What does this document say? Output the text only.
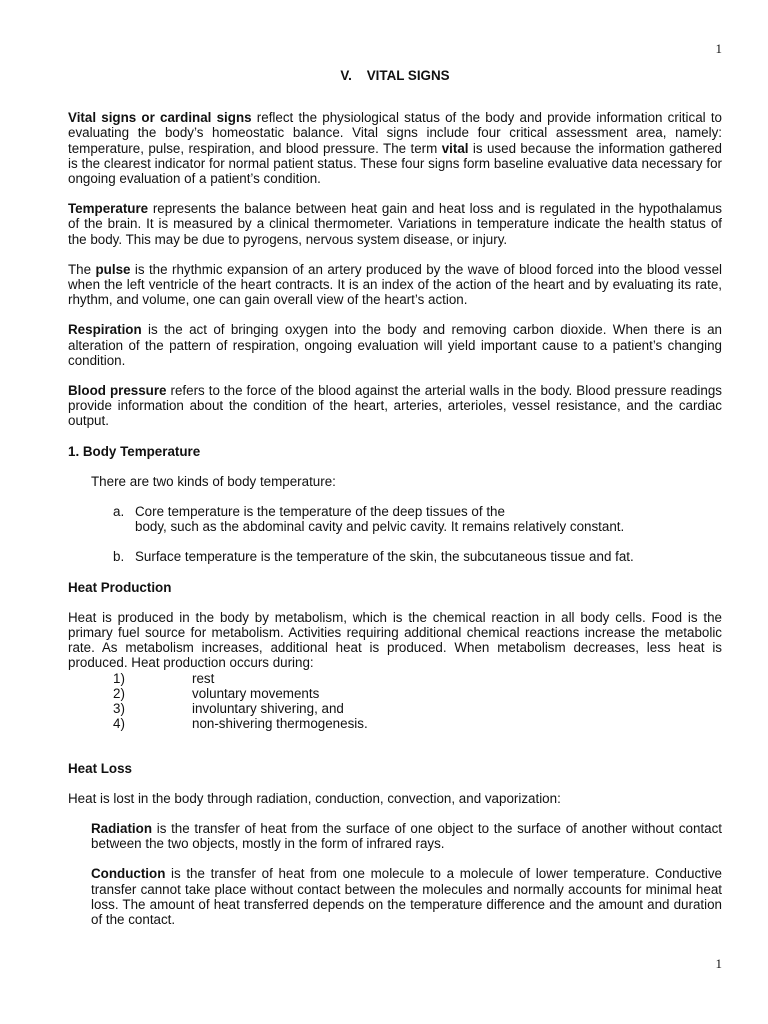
1
V. VITAL SIGNS

Vital signs or cardinal signs reflect the physiological status of the body and provide information critical to evaluating the body’s homeostatic balance. Vital signs include four critical assessment area, namely: temperature, pulse, respiration, and blood pressure. The term vital is used because the information gathered is the clearest indicator for normal patient status. These four signs form baseline evaluative data necessary for ongoing evaluation of a patient’s condition.

Temperature represents the balance between heat gain and heat loss and is regulated in the hypothalamus of the brain. It is measured by a clinical thermometer. Variations in temperature indicate the health status of the body. This may be due to pyrogens, nervous system disease, or injury.

The pulse is the rhythmic expansion of an artery produced by the wave of blood forced into the blood vessel when the left ventricle of the heart contracts. It is an index of the action of the heart and by evaluating its rate, rhythm, and volume, one can gain overall view of the heart’s action.

Respiration is the act of bringing oxygen into the body and removing carbon dioxide. When there is an alteration of the pattern of respiration, ongoing evaluation will yield important cause to a patient’s changing condition.

Blood pressure refers to the force of the blood against the arterial walls in the body. Blood pressure readings provide information about the condition of the heart, arteries, arterioles, vessel resistance, and the cardiac output.

1. Body Temperature

There are two kinds of body temperature:

a. Core temperature is the temperature of the deep tissues of the
body, such as the abdominal cavity and pelvic cavity. It remains relatively constant.
b. Surface temperature is the temperature of the skin, the subcutaneous tissue and fat.
Heat Production

Heat is produced in the body by metabolism, which is the chemical reaction in all body cells. Food is the primary fuel source for metabolism. Activities requiring additional chemical reactions increase the metabolic rate. As metabolism increases, additional heat is produced. When metabolism decreases, less heat is produced. Heat production occurs during:

1)	rest
2)	voluntary movements
3)	involuntary shivering, and
4)	non-shivering thermogenesis.
Heat Loss

Heat is lost in the body through radiation, conduction, convection, and vaporization:

Radiation is the transfer of heat from the surface of one object to the surface of another without contact between the two objects, mostly in the form of infrared rays.

Conduction is the transfer of heat from one molecule to a molecule of lower temperature. Conductive transfer cannot take place without contact between the molecules and normally accounts for minimal heat loss. The amount of heat transferred depends on the temperature difference and the amount and duration of the contact.

1
